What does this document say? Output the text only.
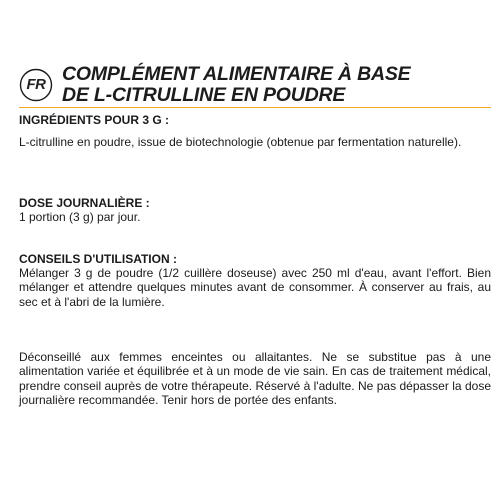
FR COMPLÉMENT ALIMENTAIRE À BASE
DE L-CITRULLINE EN POUDRE
INGRÉDIENTS POUR 3 G :
L-citrulline en poudre, issue de biotechnologie (obtenue par fermentation naturelle).
DOSE JOURNALIÈRE :
1 portion (3 g) par jour.
CONSEILS D'UTILISATION :
Mélanger 3 g de poudre (1/2 cuillère doseuse) avec 250 ml d'eau, avant l'effort. Bien mélanger et attendre quelques minutes avant de consommer. À conserver au frais, au sec et à l'abri de la lumière.
Déconseillé aux femmes enceintes ou allaitantes. Ne se substitue pas à une alimentation variée et équilibrée et à un mode de vie sain. En cas de traitement médical, prendre conseil auprès de votre thérapeute. Réservé à l'adulte. Ne pas dépasser la dose journalière recommandée. Tenir hors de portée des enfants.
